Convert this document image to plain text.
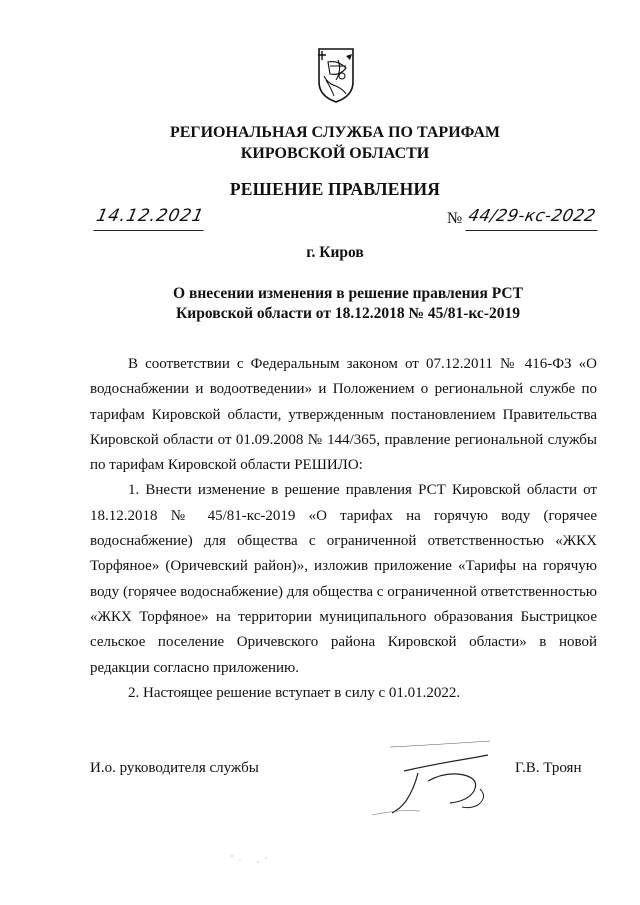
РЕГИОНАЛЬНАЯ СЛУЖБА ПО ТАРИФАМ
КИРОВСКОЙ ОБЛАСТИ
РЕШЕНИЕ ПРАВЛЕНИЯ
14.12.2021	№ 44/29-кс-2022
г. Киров
О внесении изменения в решение правления РСТ Кировской области от 18.12.2018 № 45/81-кс-2019

В соответствии с Федеральным законом от 07.12.2011 № 416-ФЗ «О водоснабжении и водоотведении» и Положением о региональной службе по тарифам Кировской области, утвержденным постановлением Правительства Кировской области от 01.09.2008 № 144/365, правление региональной службы по тарифам Кировской области РЕШИЛО:

1. Внести изменение в решение правления РСТ Кировской области от 18.12.2018 № 45/81-кс-2019 «О тарифах на горячую воду (горячее водоснабжение) для общества с ограниченной ответственностью «ЖКХ Торфяное» (Оричевский район)», изложив приложение «Тарифы на горячую воду (горячее водоснабжение) для общества с ограниченной ответственностью «ЖКХ Торфяное» на территории муниципального образования Быстрицкое сельское поселение Оричевского района Кировской области» в новой редакции согласно приложению.

2. Настоящее решение вступает в силу с 01.01.2022.

И.о. руководителя службы	Г.В. Троян
